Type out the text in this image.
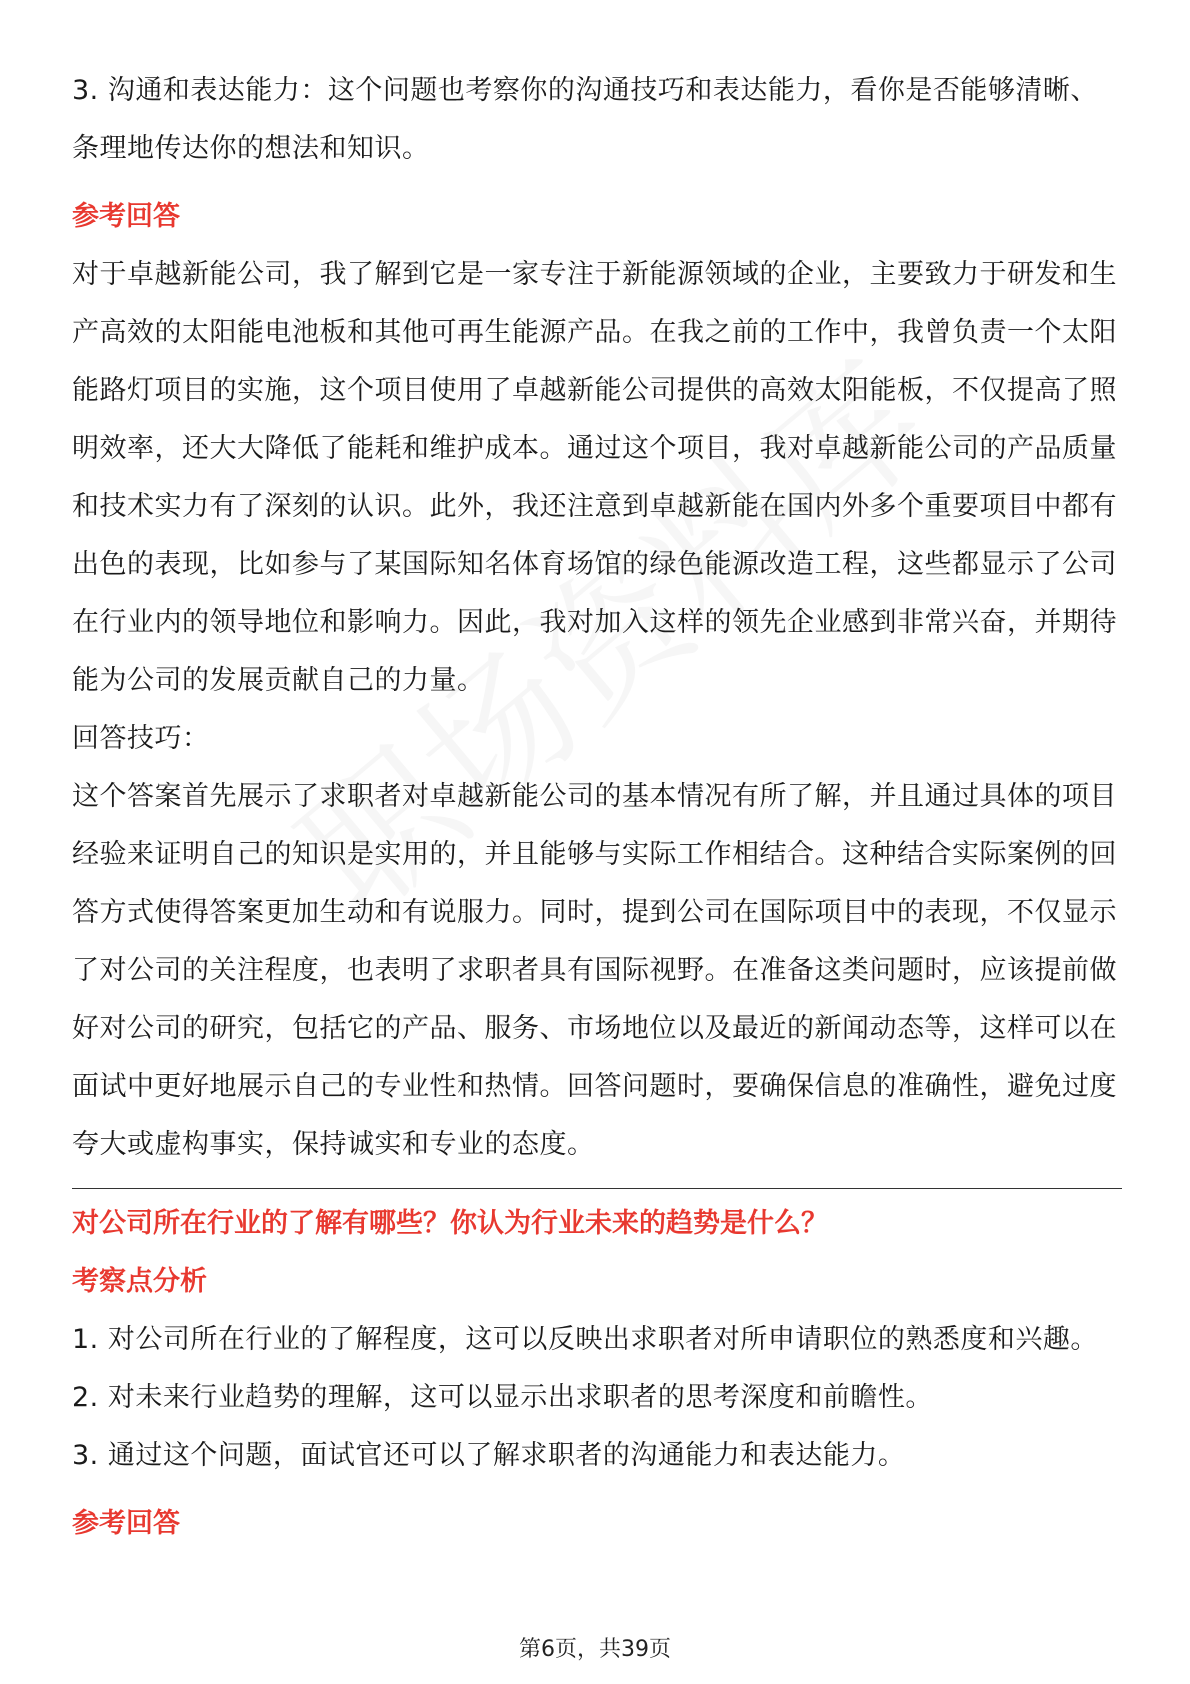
3. 沟通和表达能力：这个问题也考察你的沟通技巧和表达能力，看你是否能够清晰、条理地传达你的想法和知识。

参考回答

对于卓越新能公司，我了解到它是一家专注于新能源领域的企业，主要致力于研发和生产高效的太阳能电池板和其他可再生能源产品。在我之前的工作中，我曾负责一个太阳能路灯项目的实施，这个项目使用了卓越新能公司提供的高效太阳能板，不仅提高了照明效率，还大大降低了能耗和维护成本。通过这个项目，我对卓越新能公司的产品质量和技术实力有了深刻的认识。此外，我还注意到卓越新能在国内外多个重要项目中都有出色的表现，比如参与了某国际知名体育场馆的绿色能源改造工程，这些都显示了公司在行业内的领导地位和影响力。因此，我对加入这样的领先企业感到非常兴奋，并期待能为公司的发展贡献自己的力量。

回答技巧：

这个答案首先展示了求职者对卓越新能公司的基本情况有所了解，并且通过具体的项目经验来证明自己的知识是实用的，并且能够与实际工作相结合。这种结合实际案例的回答方式使得答案更加生动和有说服力。同时，提到公司在国际项目中的表现，不仅显示了对公司的关注程度，也表明了求职者具有国际视野。在准备这类问题时，应该提前做好对公司的研究，包括它的产品、服务、市场地位以及最近的新闻动态等，这样可以在面试中更好地展示自己的专业性和热情。回答问题时，要确保信息的准确性，避免过度夸大或虚构事实，保持诚实和专业的态度。

对公司所在行业的了解有哪些？你认为行业未来的趋势是什么？

考察点分析

1. 对公司所在行业的了解程度，这可以反映出求职者对所申请职位的熟悉度和兴趣。

2. 对未来行业趋势的理解，这可以显示出求职者的思考深度和前瞻性。

3. 通过这个问题，面试官还可以了解求职者的沟通能力和表达能力。

参考回答

第6页，共39页
